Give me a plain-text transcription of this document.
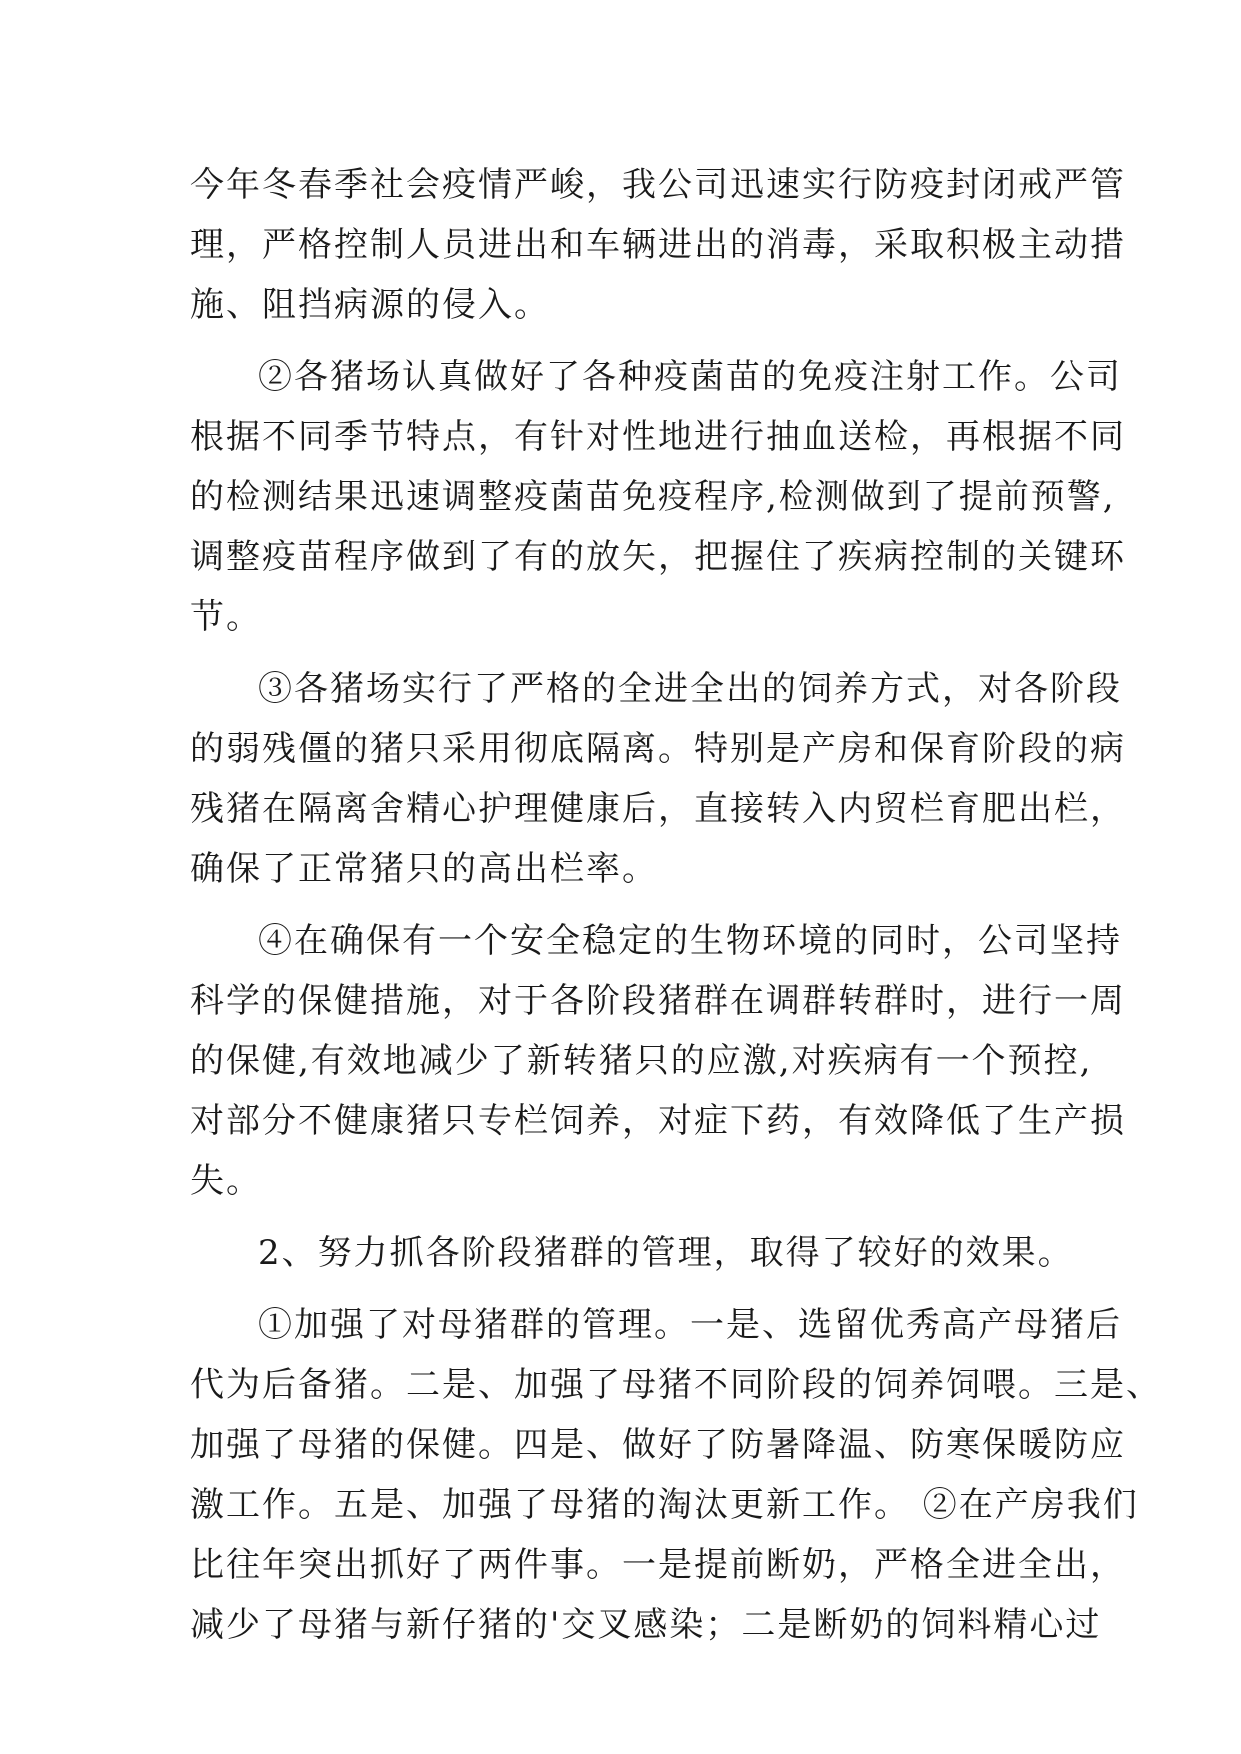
今年冬春季社会疫情严峻，我公司迅速实行防疫封闭戒严管
理，严格控制人员进出和车辆进出的消毒，采取积极主动措
施、阻挡病源的侵入。
②各猪场认真做好了各种疫菌苗的免疫注射工作。公司
根据不同季节特点，有针对性地进行抽血送检，再根据不同
的检测结果迅速调整疫菌苗免疫程序,检测做到了提前预警,
调整疫苗程序做到了有的放矢，把握住了疾病控制的关键环
节。
③各猪场实行了严格的全进全出的饲养方式，对各阶段
的弱残僵的猪只采用彻底隔离。特别是产房和保育阶段的病
残猪在隔离舍精心护理健康后，直接转入内贸栏育肥出栏，
确保了正常猪只的高出栏率。
④在确保有一个安全稳定的生物环境的同时，公司坚持
科学的保健措施，对于各阶段猪群在调群转群时，进行一周
的保健,有效地减少了新转猪只的应激,对疾病有一个预控,
对部分不健康猪只专栏饲养，对症下药，有效降低了生产损
失。
2、努力抓各阶段猪群的管理，取得了较好的效果。
①加强了对母猪群的管理。一是、选留优秀高产母猪后
代为后备猪。二是、加强了母猪不同阶段的饲养饲喂。三是、
加强了母猪的保健。四是、做好了防暑降温、防寒保暖防应
激工作。五是、加强了母猪的淘汰更新工作。 ②在产房我们
比往年突出抓好了两件事。一是提前断奶，严格全进全出，
减少了母猪与新仔猪的'交叉感染；二是断奶的饲料精心过
